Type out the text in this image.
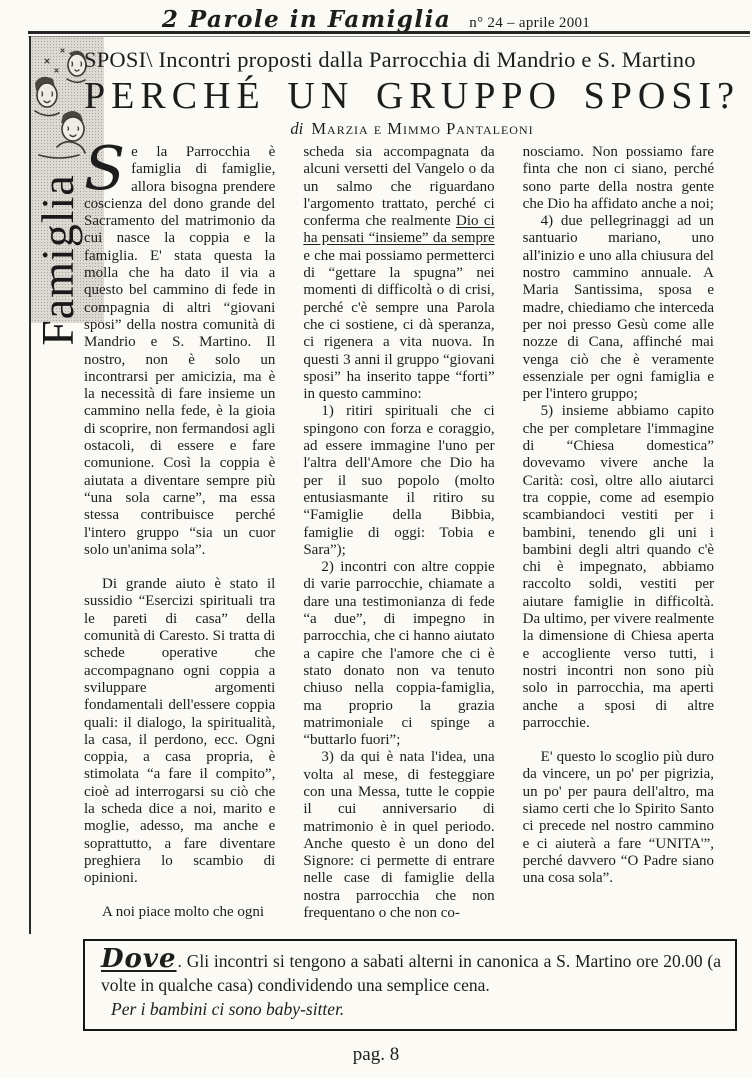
2 Parole in Famiglia n° 24 – aprile 2001
Famiglia
SPOSI\ Incontri proposti dalla Parrocchia di Mandrio e S. Martino
PERCHÉ UN GRUPPO SPOSI?
di Marzia e Mimmo Pantaleoni

Se la Parrocchia è famiglia di famiglie, allora bisogna prendere coscienza del dono grande del Sacramento del matrimonio da cui nasce la coppia e la famiglia. E' stata questa la molla che ha dato il via a questo bel cammino di fede in compagnia di altri “giovani sposi” della nostra comunità di Mandrio e S. Martino. Il nostro, non è solo un incontrarsi per amicizia, ma è la necessità di fare insieme un cammino nella fede, è la gioia di scoprire, non fermandosi agli ostacoli, di essere e fare comunione. Così la coppia è aiutata a diventare sempre più “una sola carne”, ma essa stessa contribuisce perché l'intero gruppo “sia un cuor solo un'anima sola”.

Di grande aiuto è stato il sussidio “Esercizi spirituali tra le pareti di casa” della comunità di Caresto. Si tratta di schede operative che accompagnano ogni coppia a sviluppare argomenti fondamentali dell'essere coppia quali: il dialogo, la spiritualità, la casa, il perdono, ecc. Ogni coppia, a casa propria, è stimolata “a fare il compito”, cioè ad interrogarsi su ciò che la scheda dice a noi, marito e moglie, adesso, ma anche e soprattutto, a fare diventare preghiera lo scambio di opinioni.

A noi piace molto che ogni

scheda sia accompagnata da alcuni versetti del Vangelo o da un salmo che riguardano l'argomento trattato, perché ci conferma che realmente Dio ci ha pensati “insieme” da sempre e che mai possiamo permetterci di “gettare la spugna” nei momenti di difficoltà o di crisi, perché c'è sempre una Parola che ci sostiene, ci dà speranza, ci rigenera a vita nuova. In questi 3 anni il gruppo “giovani sposi” ha inserito tappe “forti” in questo cammino:

1) ritiri spirituali che ci spingono con forza e coraggio, ad essere immagine l'uno per l'altra dell'Amore che Dio ha per il suo popolo (molto entusiasmante il ritiro su “Famiglie della Bibbia, famiglie di oggi: Tobia e Sara”);

2) incontri con altre coppie di varie parrocchie, chiamate a dare una testimonianza di fede “a due”, di impegno in parrocchia, che ci hanno aiutato a capire che l'amore che ci è stato donato non va tenuto chiuso nella coppia-famiglia, ma proprio la grazia matrimoniale ci spinge a “buttarlo fuori”;

3) da qui è nata l'idea, una volta al mese, di festeggiare con una Messa, tutte le coppie il cui anniversario di matrimonio è in quel periodo. Anche questo è un dono del Signore: ci permette di entrare nelle case di famiglie della nostra parrocchia che non frequentano o che non co-

nosciamo. Non possiamo fare finta che non ci siano, perché sono parte della nostra gente che Dio ha affidato anche a noi;

4) due pellegrinaggi ad un santuario mariano, uno all'inizio e uno alla chiusura del nostro cammino annuale. A Maria Santissima, sposa e madre, chiediamo che interceda per noi presso Gesù come alle nozze di Cana, affinché mai venga ciò che è veramente essenziale per ogni famiglia e per l'intero gruppo;

5) insieme abbiamo capito che per completare l'immagine di “Chiesa domestica” dovevamo vivere anche la Carità: così, oltre allo aiutarci tra coppie, come ad esempio scambiandoci vestiti per i bambini, tenendo gli uni i bambini degli altri quando c'è chi è impegnato, abbiamo raccolto soldi, vestiti per aiutare famiglie in difficoltà. Da ultimo, per vivere realmente la dimensione di Chiesa aperta e accogliente verso tutti, i nostri incontri non sono più solo in parrocchia, ma aperti anche a sposi di altre parrocchie.

E' questo lo scoglio più duro da vincere, un po' per pigrizia, un po' per paura dell'altro, ma siamo certi che lo Spirito Santo ci precede nel nostro cammino e ci aiuterà a fare “UNITA'”, perché davvero “O Padre siano una cosa sola”.

Dove. Gli incontri si tengono a sabati alterni in canonica a S. Martino ore 20.00 (a volte in qualche casa) condividendo una semplice cena.

Per i bambini ci sono baby-sitter.

pag. 8
